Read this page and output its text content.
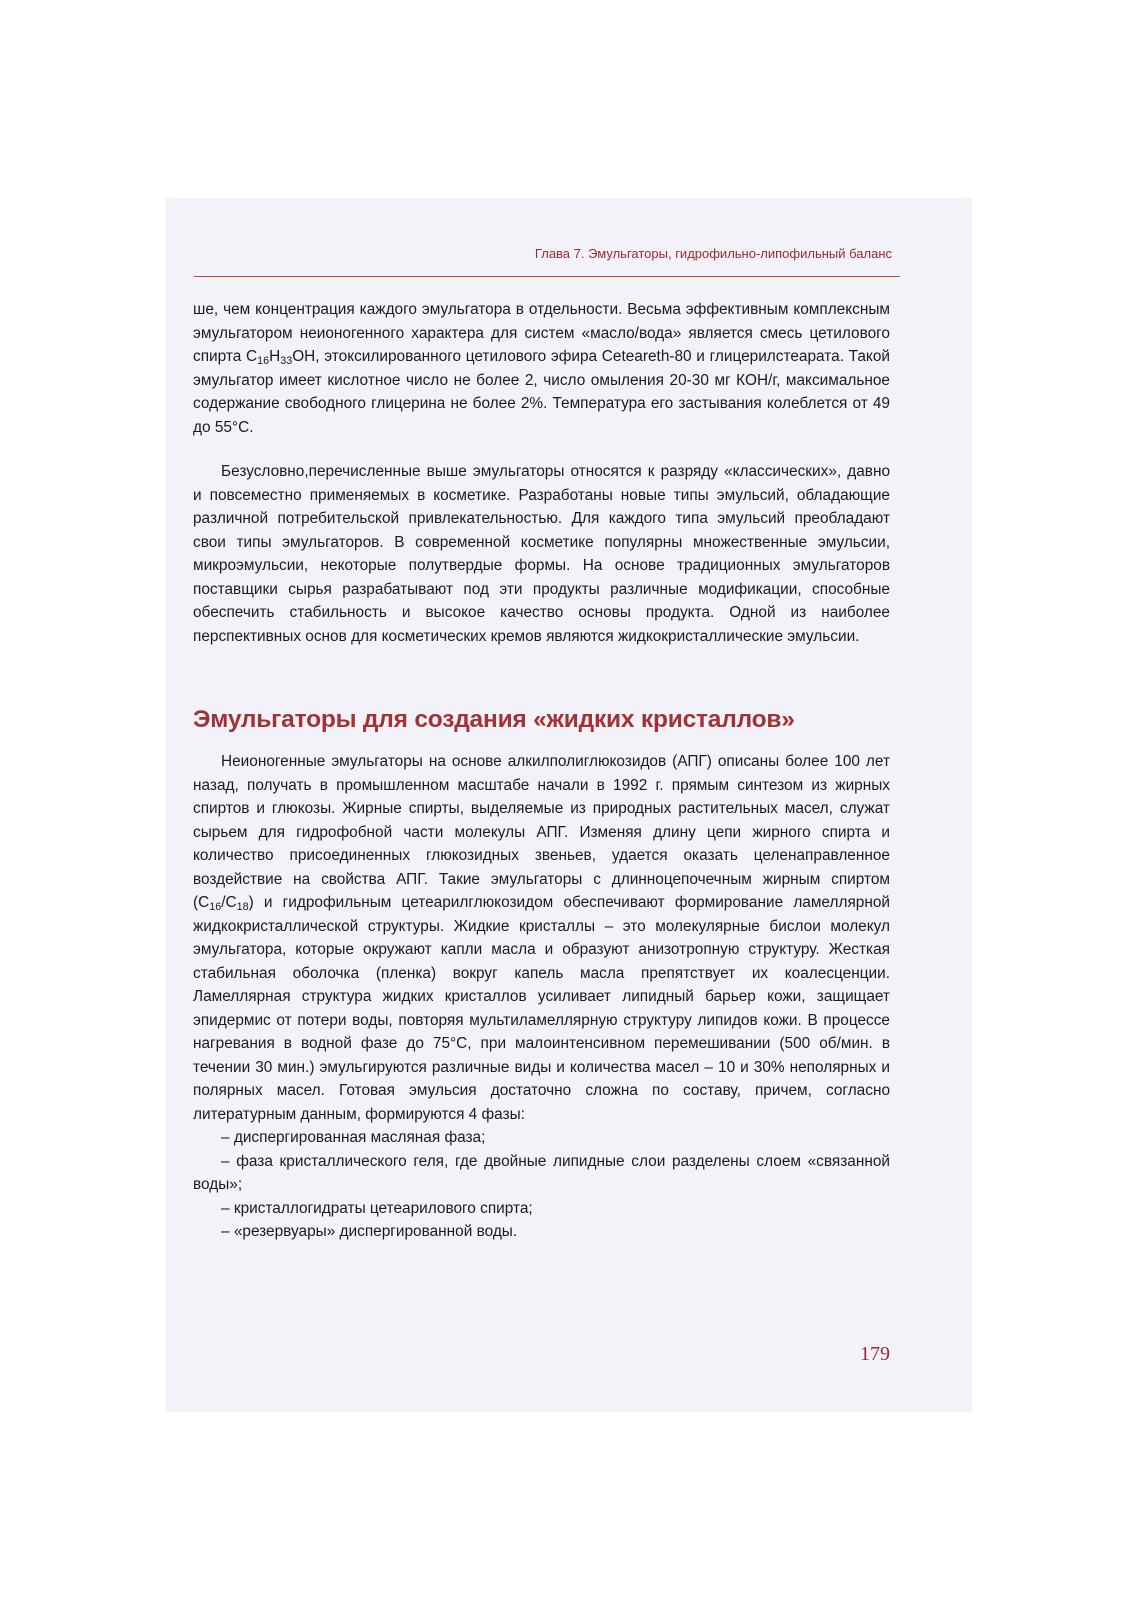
Глава 7. Эмульгаторы, гидрофильно-липофильный баланс

ше, чем концентрация каждого эмульгатора в отдельности. Весьма эффективным комплексным эмульгатором неионогенного характера для систем «масло/вода» является смесь цетилового спирта $C_{16}H_{33}OH$, этоксилированного цетилового эфира Ceteareth-80 и глицерилстеарата. Такой эмульгатор имеет кислотное число не более 2, число омыления 20-30 мг КОН/г, максимальное содержание свободного глицерина не более 2%. Температура его застывания колеблется от 49 до 55°С.

Безусловно,перечисленные выше эмульгаторы относятся к разряду «классических», давно и повсеместно применяемых в косметике. Разработаны новые типы эмульсий, обладающие различной потребительской привлекательностью. Для каждого типа эмульсий преобладают свои типы эмульгаторов. В современной косметике популярны множественные эмульсии, микроэмульсии, некоторые полутвердые формы. На основе традиционных эмульгаторов поставщики сырья разрабатывают под эти продукты различные модификации, способные обеспечить стабильность и высокое качество основы продукта. Одной из наиболее перспективных основ для косметических кремов являются жидкокристаллические эмульсии.

Эмульгаторы для создания «жидких кристаллов»

Неионогенные эмульгаторы на основе алкилполиглюкозидов (АПГ) описаны более 100 лет назад, получать в промышленном масштабе начали в 1992 г. прямым синтезом из жирных спиртов и глюкозы. Жирные спирты, выделяемые из природных растительных масел, служат сырьем для гидрофобной части молекулы АПГ. Изменяя длину цепи жирного спирта и количество присоединенных глюкозидных звеньев, удается оказать целенаправленное воздействие на свойства АПГ. Такие эмульгаторы с длинноцепочечным жирным спиртом $(C_{16}/C_{18})$ и гидрофильным цетеарилглюкозидом обеспечивают формирование ламеллярной жидкокристаллической структуры. Жидкие кристаллы – это молекулярные бислои молекул эмульгатора, которые окружают капли масла и образуют анизотропную структуру. Жесткая стабильная оболочка (пленка) вокруг капель масла препятствует их коалесценции. Ламеллярная структура жидких кристаллов усиливает липидный барьер кожи, защищает эпидермис от потери воды, повторяя мультиламеллярную структуру липидов кожи. В процессе нагревания в водной фазе до 75°С, при малоинтенсивном перемешивании (500 об/мин. в течении 30 мин.) эмульгируются различные виды и количества масел – 10 и 30% неполярных и полярных масел. Готовая эмульсия достаточно сложна по составу, причем, согласно литературным данным, формируются 4 фазы:

– диспергированная масляная фаза;

– фаза кристаллического геля, где двойные липидные слои разделены слоем «связанной воды»;

– кристаллогидраты цетеарилового спирта;

– «резервуары» диспергированной воды.

179
